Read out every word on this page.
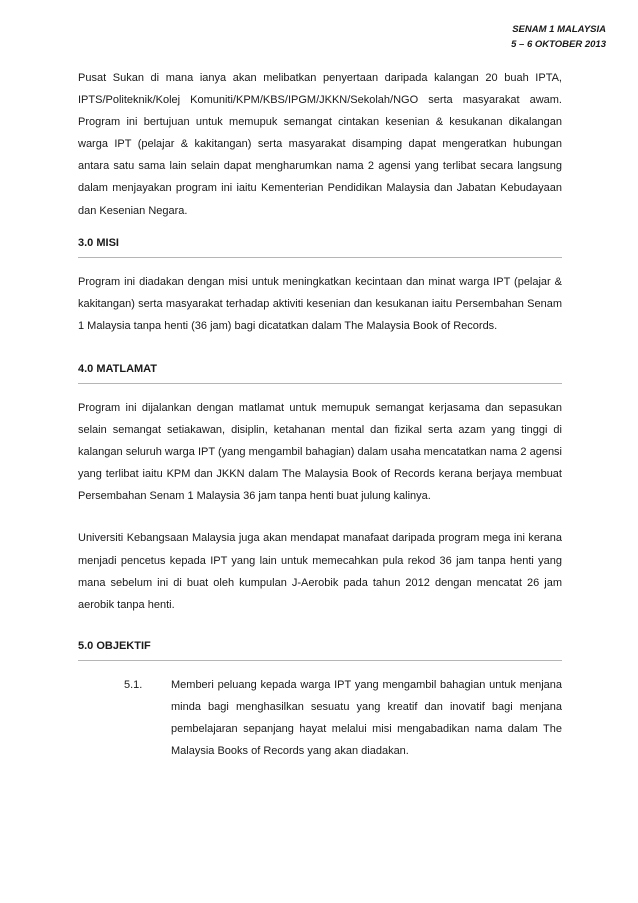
SENAM 1 MALAYSIA
5 – 6 OKTOBER 2013

Pusat Sukan di mana ianya akan melibatkan penyertaan daripada kalangan 20 buah IPTA, IPTS/Politeknik/Kolej Komuniti/KPM/KBS/IPGM/JKKN/Sekolah/NGO serta masyarakat awam. Program ini bertujuan untuk memupuk semangat cintakan kesenian & kesukanan dikalangan warga IPT (pelajar & kakitangan) serta masyarakat disamping dapat mengeratkan hubungan antara satu sama lain selain dapat mengharumkan nama 2 agensi yang terlibat secara langsung dalam menjayakan program ini iaitu Kementerian Pendidikan Malaysia dan Jabatan Kebudayaan dan Kesenian Negara.

3.0 MISI

Program ini diadakan dengan misi untuk meningkatkan kecintaan dan minat warga IPT (pelajar & kakitangan) serta masyarakat terhadap aktiviti kesenian dan kesukanan iaitu Persembahan Senam 1 Malaysia tanpa henti (36 jam) bagi dicatatkan dalam The Malaysia Book of Records.

4.0 MATLAMAT

Program ini dijalankan dengan matlamat untuk memupuk semangat kerjasama dan sepasukan selain semangat setiakawan, disiplin, ketahanan mental dan fizikal serta azam yang tinggi di kalangan seluruh warga IPT (yang mengambil bahagian) dalam usaha mencatatkan nama 2 agensi yang terlibat iaitu KPM dan JKKN dalam The Malaysia Book of Records kerana berjaya membuat Persembahan Senam 1 Malaysia 36 jam tanpa henti buat julung kalinya.

Universiti Kebangsaan Malaysia juga akan mendapat manafaat daripada program mega ini kerana menjadi pencetus kepada IPT yang lain untuk memecahkan pula rekod 36 jam tanpa henti yang mana sebelum ini di buat oleh kumpulan J-Aerobik pada tahun 2012 dengan mencatat 26 jam aerobik tanpa henti.

5.0 OBJEKTIF
5.1.	Memberi peluang kepada warga IPT yang mengambil bahagian untuk menjana minda bagi menghasilkan sesuatu yang kreatif dan inovatif bagi menjana pembelajaran sepanjang hayat melalui misi mengabadikan nama dalam The Malaysia Books of Records yang akan diadakan.
